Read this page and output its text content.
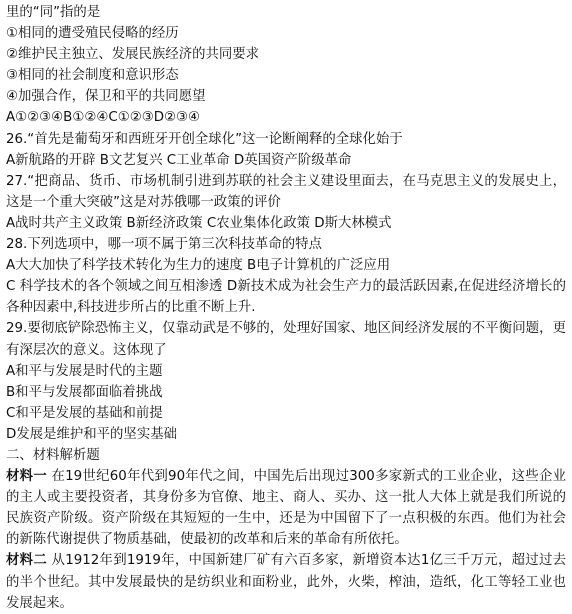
里的“同”指的是
①相同的遭受殖民侵略的经历
②维护民主独立、发展民族经济的共同要求
③相同的社会制度和意识形态
④加强合作，保卫和平的共同愿望
A①②③④B①②④C①②③D②③④
26.“首先是葡萄牙和西班牙开创全球化”这一论断阐释的全球化始于
A新航路的开辟 B文艺复兴 C工业革命 D英国资产阶级革命
27.“把商品、货币、市场机制引进到苏联的社会主义建设里面去，在马克思主义的发展史上，这是一个重大突破”这是对苏俄哪一政策的评价
A战时共产主义政策 B新经济政策 C农业集体化政策 D斯大林模式
28.下列选项中，哪一项不属于第三次科技革命的特点
A大大加快了科学技术转化为生力的速度 B电子计算机的广泛应用
C 科学技术的各个领域之间互相渗透 D新技术成为社会生产力的最活跃因素,在促进经济增长的各种因素中,科技进步所占的比重不断上升.
29.要彻底铲除恐怖主义，仅靠动武是不够的，处理好国家、地区间经济发展的不平衡问题，更有深层次的意义。这体现了
A和平与发展是时代的主题
B和平与发展都面临着挑战
C和平是发展的基础和前提
D发展是维护和平的坚实基础
二、材料解析题
材料一 在19世纪60年代到90年代之间，中国先后出现过300多家新式的工业企业，这些企业的主人或主要投资者，其身份多为官僚、地主、商人、买办、这一批人大体上就是我们所说的民族资产阶级。资产阶级在其短短的一生中，还是为中国留下了一点积极的东西。他们为社会的新陈代谢提供了物质基础，使最初的改革和后来的革命有所依托。
材料二 从1912年到1919年，中国新建厂矿有六百多家，新增资本达1亿三千万元，超过过去的半个世纪。其中发展最快的是纺织业和面粉业，此外，火柴，榨油，造纸，化工等轻工业也发展起来。
